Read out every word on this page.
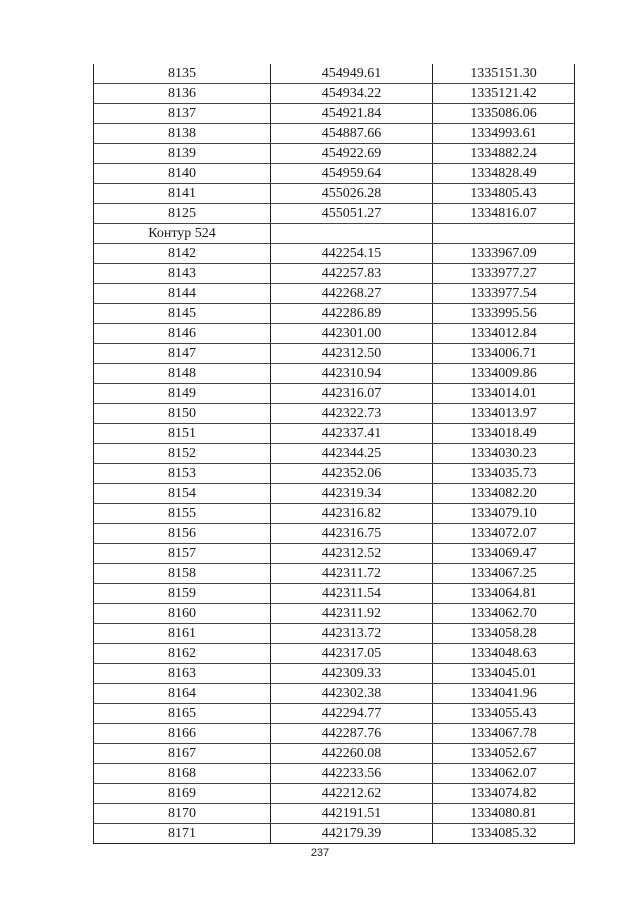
8135	454949.61	1335151.30
8136	454934.22	1335121.42
8137	454921.84	1335086.06
8138	454887.66	1334993.61
8139	454922.69	1334882.24
8140	454959.64	1334828.49
8141	455026.28	1334805.43
8125	455051.27	1334816.07
Контур 524		
8142	442254.15	1333967.09
8143	442257.83	1333977.27
8144	442268.27	1333977.54
8145	442286.89	1333995.56
8146	442301.00	1334012.84
8147	442312.50	1334006.71
8148	442310.94	1334009.86
8149	442316.07	1334014.01
8150	442322.73	1334013.97
8151	442337.41	1334018.49
8152	442344.25	1334030.23
8153	442352.06	1334035.73
8154	442319.34	1334082.20
8155	442316.82	1334079.10
8156	442316.75	1334072.07
8157	442312.52	1334069.47
8158	442311.72	1334067.25
8159	442311.54	1334064.81
8160	442311.92	1334062.70
8161	442313.72	1334058.28
8162	442317.05	1334048.63
8163	442309.33	1334045.01
8164	442302.38	1334041.96
8165	442294.77	1334055.43
8166	442287.76	1334067.78
8167	442260.08	1334052.67
8168	442233.56	1334062.07
8169	442212.62	1334074.82
8170	442191.51	1334080.81
8171	442179.39	1334085.32
237
